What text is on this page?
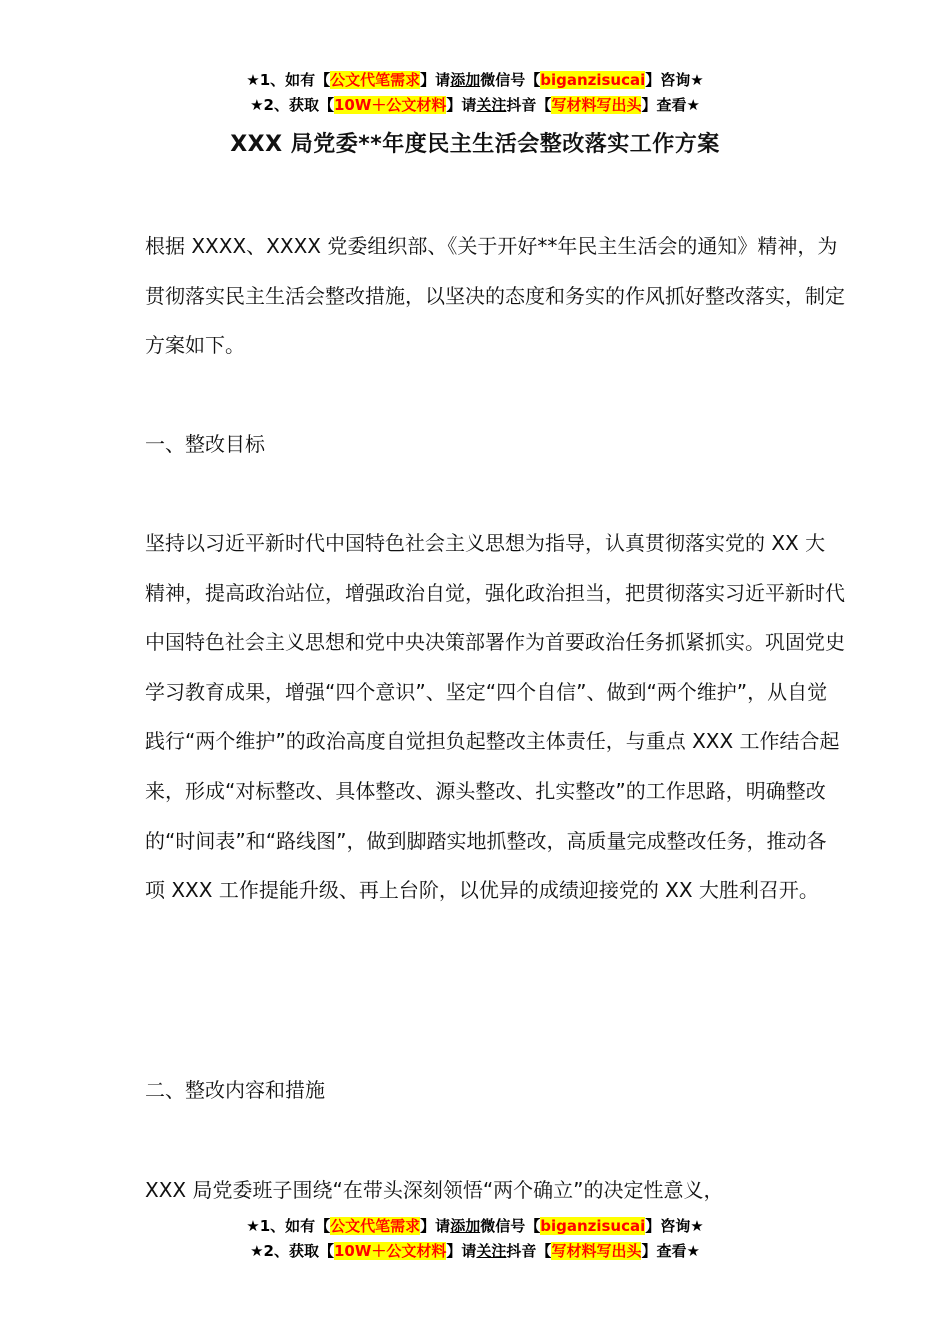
★1、如有【公文代笔需求】请添加微信号【biganzisucai】咨询★
★2、获取【10W＋公文材料】请关注抖音【写材料写出头】查看★
XXX 局党委**年度民主生活会整改落实工作方案

根据 XXXX、XXXX 党委组织部、《关于开好**年民主生活会的通知》精神，为贯彻落实民主生活会整改措施，以坚决的态度和务实的作风抓好整改落实，制定方案如下。

一、整改目标

坚持以习近平新时代中国特色社会主义思想为指导，认真贯彻落实党的 XX 大精神，提高政治站位，增强政治自觉，强化政治担当，把贯彻落实习近平新时代中国特色社会主义思想和党中央决策部署作为首要政治任务抓紧抓实。巩固党史学习教育成果，增强“四个意识”、坚定“四个自信”、做到“两个维护”，从自觉践行“两个维护”的政治高度自觉担负起整改主体责任，与重点 XXX 工作结合起来，形成“对标整改、具体整改、源头整改、扎实整改”的工作思路，明确整改的“时间表”和“路线图”，做到脚踏实地抓整改，高质量完成整改任务，推动各项 XXX 工作提能升级、再上台阶，以优异的成绩迎接党的 XX 大胜利召开。

二、整改内容和措施

XXX 局党委班子围绕“在带头深刻领悟“两个确立”的决定性意义，

★1、如有【公文代笔需求】请添加微信号【biganzisucai】咨询★
★2、获取【10W＋公文材料】请关注抖音【写材料写出头】查看★
